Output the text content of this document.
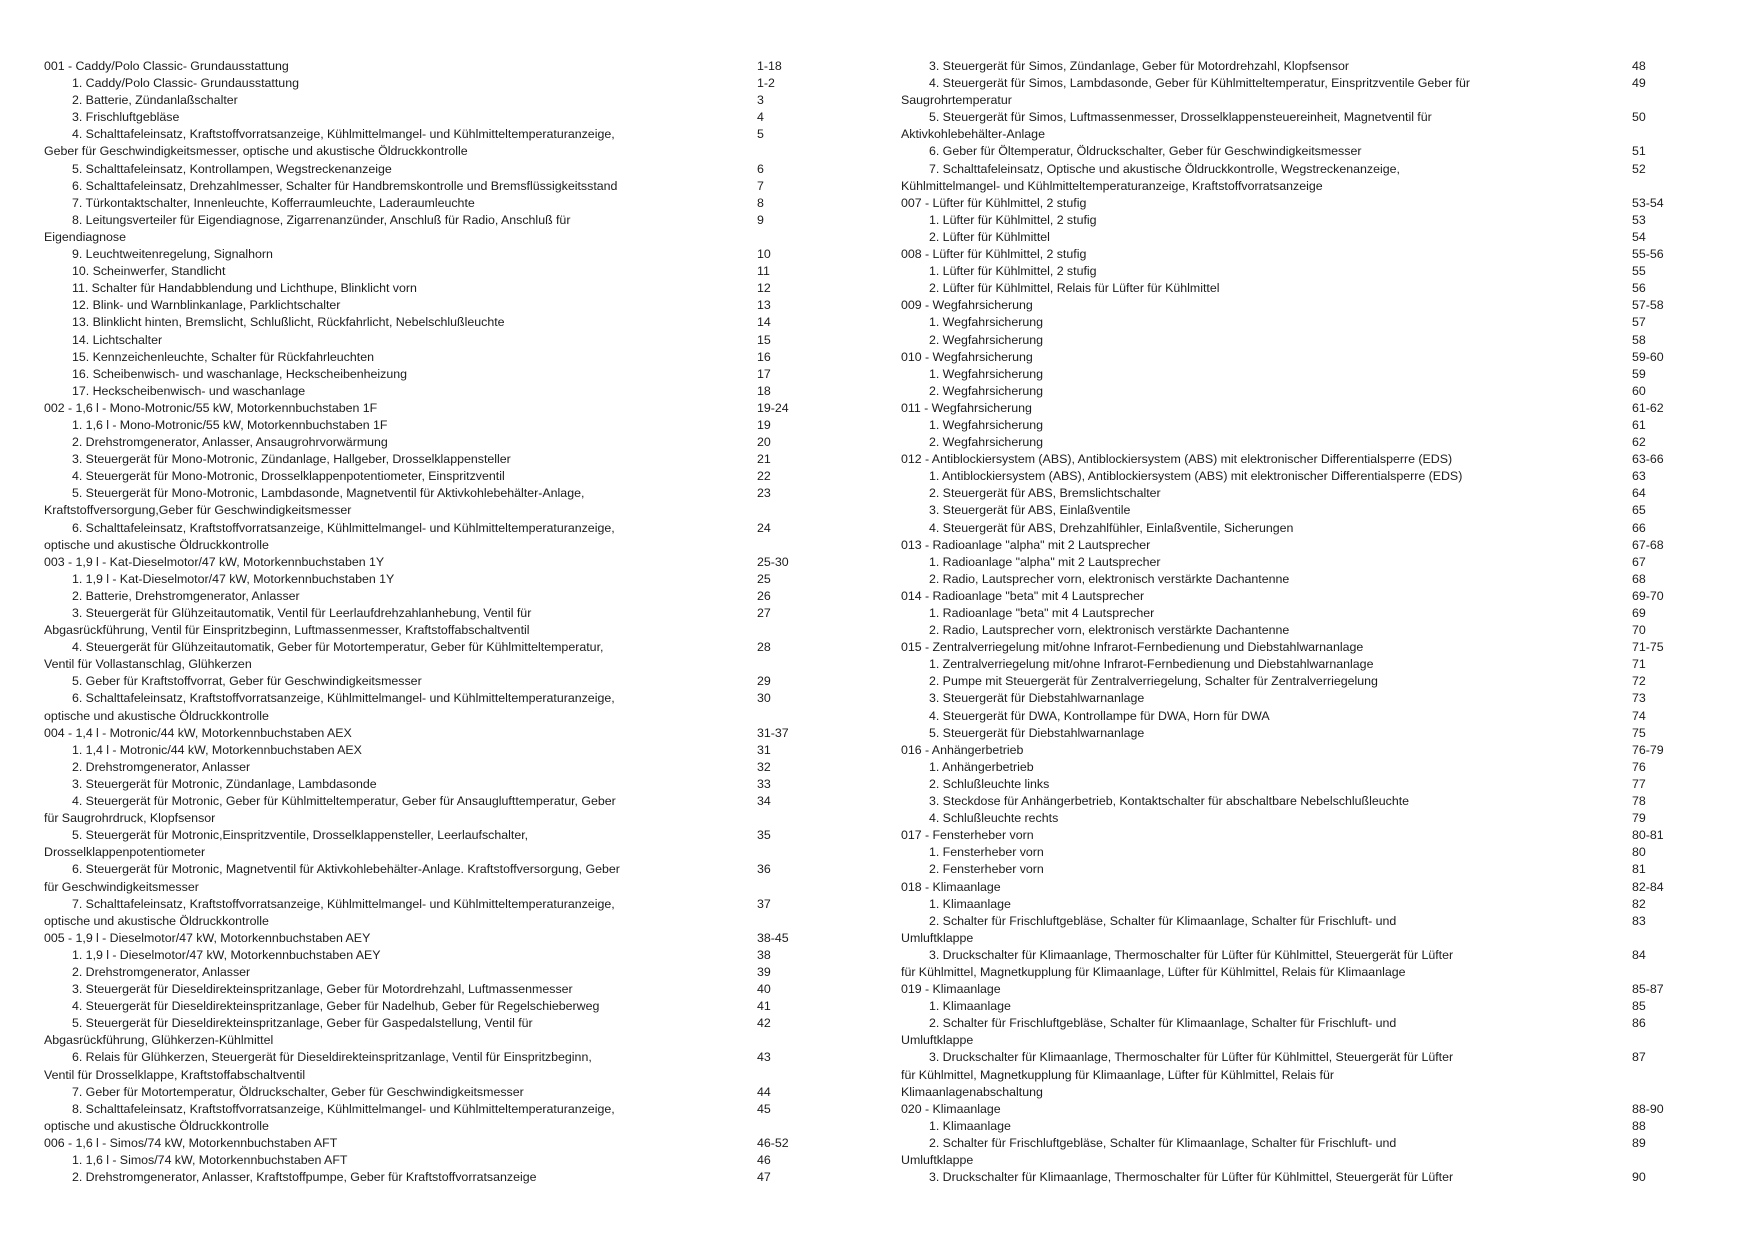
001 - Caddy/Polo Classic- Grundausstattung	1-18

1. Caddy/Polo Classic- Grundausstattung	1-2

2. Batterie, Zündanlaßschalter	3

3. Frischluftgebläse	4

4. Schalttafeleinsatz, Kraftstoffvorratsanzeige, Kühlmittelmangel- und Kühlmitteltemperaturanzeige,
Geber für Geschwindigkeitsmesser, optische und akustische Öldruckkontrolle	5

5. Schalttafeleinsatz, Kontrollampen, Wegstreckenanzeige	6

6. Schalttafeleinsatz, Drehzahlmesser, Schalter für Handbremskontrolle und Bremsflüssigkeitsstand	7

7. Türkontaktschalter, Innenleuchte, Kofferraumleuchte, Laderaumleuchte	8

8. Leitungsverteiler für Eigendiagnose, Zigarrenanzünder, Anschluß für Radio, Anschluß für
Eigendiagnose	9

9. Leuchtweitenregelung, Signalhorn	10

10. Scheinwerfer, Standlicht	11

11. Schalter für Handabblendung und Lichthupe, Blinklicht vorn	12

12. Blink- und Warnblinkanlage, Parklichtschalter	13

13. Blinklicht hinten, Bremslicht, Schlußlicht, Rückfahrlicht, Nebelschlußleuchte	14

14. Lichtschalter	15

15. Kennzeichenleuchte, Schalter für Rückfahrleuchten	16

16. Scheibenwisch- und waschanlage, Heckscheibenheizung	17

17. Heckscheibenwisch- und waschanlage	18

002 - 1,6 l - Mono-Motronic/55 kW, Motorkennbuchstaben 1F	19-24

1. 1,6 l - Mono-Motronic/55 kW, Motorkennbuchstaben 1F	19

2. Drehstromgenerator, Anlasser, Ansaugrohrvorwärmung	20

3. Steuergerät für Mono-Motronic, Zündanlage, Hallgeber, Drosselklappensteller	21

4. Steuergerät für Mono-Motronic, Drosselklappenpotentiometer, Einspritzventil	22

5. Steuergerät für Mono-Motronic, Lambdasonde, Magnetventil für Aktivkohlebehälter-Anlage,
Kraftstoffversorgung,Geber für Geschwindigkeitsmesser	23

6. Schalttafeleinsatz, Kraftstoffvorratsanzeige, Kühlmittelmangel- und Kühlmitteltemperaturanzeige,
optische und akustische Öldruckkontrolle	24

003 - 1,9 l - Kat-Dieselmotor/47 kW, Motorkennbuchstaben 1Y	25-30

1. 1,9 l - Kat-Dieselmotor/47 kW, Motorkennbuchstaben 1Y	25

2. Batterie, Drehstromgenerator, Anlasser	26

3. Steuergerät für Glühzeitautomatik, Ventil für Leerlaufdrehzahlanhebung, Ventil für
Abgasrückführung, Ventil für Einspritzbeginn, Luftmassenmesser, Kraftstoffabschaltventil	27

4. Steuergerät für Glühzeitautomatik, Geber für Motortemperatur, Geber für Kühlmitteltemperatur,
Ventil für Vollastanschlag, Glühkerzen	28

5. Geber für Kraftstoffvorrat, Geber für Geschwindigkeitsmesser	29

6. Schalttafeleinsatz, Kraftstoffvorratsanzeige, Kühlmittelmangel- und Kühlmitteltemperaturanzeige,
optische und akustische Öldruckkontrolle	30

004 - 1,4 l - Motronic/44 kW, Motorkennbuchstaben AEX	31-37

1. 1,4 l - Motronic/44 kW, Motorkennbuchstaben AEX	31

2. Drehstromgenerator, Anlasser	32

3. Steuergerät für Motronic, Zündanlage, Lambdasonde	33

4. Steuergerät für Motronic, Geber für Kühlmitteltemperatur, Geber für Ansauglufttemperatur, Geber
für Saugrohrdruck, Klopfsensor	34

5. Steuergerät für Motronic,Einspritzventile, Drosselklappensteller, Leerlaufschalter,
Drosselklappenpotentiometer	35

6. Steuergerät für Motronic, Magnetventil für Aktivkohlebehälter-Anlage. Kraftstoffversorgung, Geber
für Geschwindigkeitsmesser	36

7. Schalttafeleinsatz, Kraftstoffvorratsanzeige, Kühlmittelmangel- und Kühlmitteltemperaturanzeige,
optische und akustische Öldruckkontrolle	37

005 - 1,9 l - Dieselmotor/47 kW, Motorkennbuchstaben AEY	38-45

1. 1,9 l - Dieselmotor/47 kW, Motorkennbuchstaben AEY	38

2. Drehstromgenerator, Anlasser	39

3. Steuergerät für Dieseldirekteinspritzanlage, Geber für Motordrehzahl, Luftmassenmesser	40

4. Steuergerät für Dieseldirekteinspritzanlage, Geber für Nadelhub, Geber für Regelschieberweg	41

5. Steuergerät für Dieseldirekteinspritzanlage, Geber für Gaspedalstellung, Ventil für
Abgasrückführung, Glühkerzen-Kühlmittel	42

6. Relais für Glühkerzen, Steuergerät für Dieseldirekteinspritzanlage, Ventil für Einspritzbeginn,
Ventil für Drosselklappe, Kraftstoffabschaltventil	43

7. Geber für Motortemperatur, Öldruckschalter, Geber für Geschwindigkeitsmesser	44

8. Schalttafeleinsatz, Kraftstoffvorratsanzeige, Kühlmittelmangel- und Kühlmitteltemperaturanzeige,
optische und akustische Öldruckkontrolle	45

006 - 1,6 l - Simos/74 kW, Motorkennbuchstaben AFT	46-52

1. 1,6 l - Simos/74 kW, Motorkennbuchstaben AFT	46

2. Drehstromgenerator, Anlasser, Kraftstoffpumpe, Geber für Kraftstoffvorratsanzeige	47
3. Steuergerät für Simos, Zündanlage, Geber für Motordrehzahl, Klopfsensor	48

4. Steuergerät für Simos, Lambdasonde, Geber für Kühlmitteltemperatur, Einspritzventile Geber für
Saugrohrtemperatur	49

5. Steuergerät für Simos, Luftmassenmesser, Drosselklappensteuereinheit, Magnetventil für
Aktivkohlebehälter-Anlage	50

6. Geber für Öltemperatur, Öldruckschalter, Geber für Geschwindigkeitsmesser	51

7. Schalttafeleinsatz, Optische und akustische Öldruckkontrolle, Wegstreckenanzeige,
Kühlmittelmangel- und Kühlmitteltemperaturanzeige, Kraftstoffvorratsanzeige	52

007 - Lüfter für Kühlmittel, 2 stufig	53-54

1. Lüfter für Kühlmittel, 2 stufig	53

2. Lüfter für Kühlmittel	54

008 - Lüfter für Kühlmittel, 2 stufig	55-56

1. Lüfter für Kühlmittel, 2 stufig	55

2. Lüfter für Kühlmittel, Relais für Lüfter für Kühlmittel	56

009 - Wegfahrsicherung	57-58

1. Wegfahrsicherung	57

2. Wegfahrsicherung	58

010 - Wegfahrsicherung	59-60

1. Wegfahrsicherung	59

2. Wegfahrsicherung	60

011 - Wegfahrsicherung	61-62

1. Wegfahrsicherung	61

2. Wegfahrsicherung	62

012 - Antiblockiersystem (ABS), Antiblockiersystem (ABS) mit elektronischer Differentialsperre (EDS)	63-66

1. Antiblockiersystem (ABS), Antiblockiersystem (ABS) mit elektronischer Differentialsperre (EDS)	63

2. Steuergerät für ABS, Bremslichtschalter	64

3. Steuergerät für ABS, Einlaßventile	65

4. Steuergerät für ABS, Drehzahlfühler, Einlaßventile, Sicherungen	66

013 - Radioanlage "alpha" mit 2 Lautsprecher	67-68

1. Radioanlage "alpha" mit 2 Lautsprecher	67

2. Radio, Lautsprecher vorn, elektronisch verstärkte Dachantenne	68

014 - Radioanlage "beta" mit 4 Lautsprecher	69-70

1. Radioanlage "beta" mit 4 Lautsprecher	69

2. Radio, Lautsprecher vorn, elektronisch verstärkte Dachantenne	70

015 - Zentralverriegelung mit/ohne Infrarot-Fernbedienung und Diebstahlwarnanlage	71-75

1. Zentralverriegelung mit/ohne Infrarot-Fernbedienung und Diebstahlwarnanlage	71

2. Pumpe mit Steuergerät für Zentralverriegelung, Schalter für Zentralverriegelung	72

3. Steuergerät für Diebstahlwarnanlage	73

4. Steuergerät für DWA, Kontrollampe für DWA, Horn für DWA	74

5. Steuergerät für Diebstahlwarnanlage	75

016 - Anhängerbetrieb	76-79

1. Anhängerbetrieb	76

2. Schlußleuchte links	77

3. Steckdose für Anhängerbetrieb, Kontaktschalter für abschaltbare Nebelschlußleuchte	78

4. Schlußleuchte rechts	79

017 - Fensterheber vorn	80-81

1. Fensterheber vorn	80

2. Fensterheber vorn	81

018 - Klimaanlage	82-84

1. Klimaanlage	82

2. Schalter für Frischluftgebläse, Schalter für Klimaanlage, Schalter für Frischluft- und
Umluftklappe	83

3. Druckschalter für Klimaanlage, Thermoschalter für Lüfter für Kühlmittel, Steuergerät für Lüfter
für Kühlmittel, Magnetkupplung für Klimaanlage, Lüfter für Kühlmittel, Relais für Klimaanlage	84

019 - Klimaanlage	85-87

1. Klimaanlage	85

2. Schalter für Frischluftgebläse, Schalter für Klimaanlage, Schalter für Frischluft- und
Umluftklappe	86

3. Druckschalter für Klimaanlage, Thermoschalter für Lüfter für Kühlmittel, Steuergerät für Lüfter
für Kühlmittel, Magnetkupplung für Klimaanlage, Lüfter für Kühlmittel, Relais für
Klimaanlagenabschaltung	87

020 - Klimaanlage	88-90

1. Klimaanlage	88

2. Schalter für Frischluftgebläse, Schalter für Klimaanlage, Schalter für Frischluft- und
Umluftklappe	89

3. Druckschalter für Klimaanlage, Thermoschalter für Lüfter für Kühlmittel, Steuergerät für Lüfter	90
